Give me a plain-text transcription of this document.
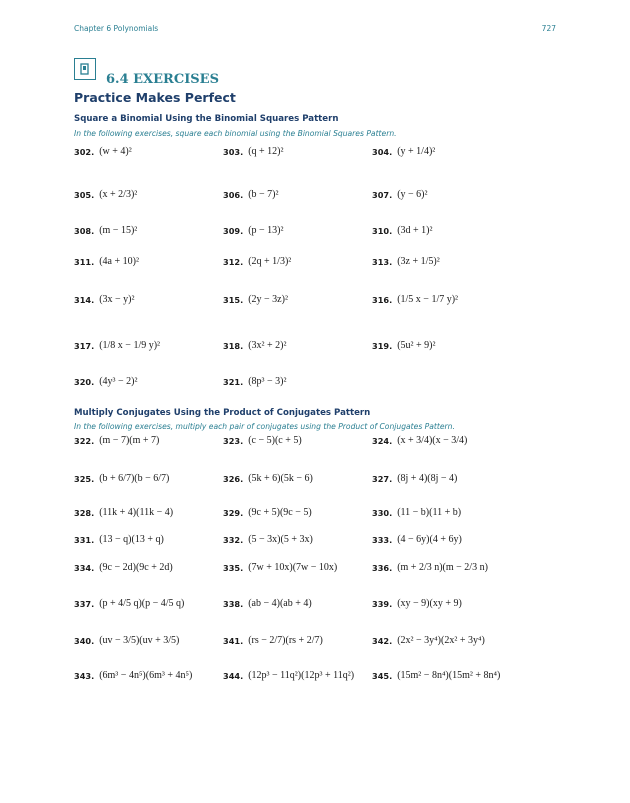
Chapter 6 Polynomials	727
6.4 EXERCISES
Practice Makes Perfect
Square a Binomial Using the Binomial Squares Pattern
In the following exercises, square each binomial using the Binomial Squares Pattern.
302. (w + 4)²	303. (q + 12)²	304. (y + 1/4)²
305. (x + 2/3)²	306. (b − 7)²	307. (y − 6)²
308. (m − 15)²	309. (p − 13)²	310. (3d + 1)²
311. (4a + 10)²	312. (2q + 1/3)²	313. (3z + 1/5)²
314. (3x − y)²	315. (2y − 3z)²	316. (1/5 x − 1/7 y)²
317. (1/8 x − 1/9 y)²	318. (3x² + 2)²	319. (5u² + 9)²
320. (4y³ − 2)²	321. (8p³ − 3)²
Multiply Conjugates Using the Product of Conjugates Pattern
In the following exercises, multiply each pair of conjugates using the Product of Conjugates Pattern.
322. (m − 7)(m + 7)	323. (c − 5)(c + 5)	324. (x + 3/4)(x − 3/4)
325. (b + 6/7)(b − 6/7)	326. (5k + 6)(5k − 6)	327. (8j + 4)(8j − 4)
328. (11k + 4)(11k − 4)	329. (9c + 5)(9c − 5)	330. (11 − b)(11 + b)
331. (13 − q)(13 + q)	332. (5 − 3x)(5 + 3x)	333. (4 − 6y)(4 + 6y)
334. (9c − 2d)(9c + 2d)	335. (7w + 10x)(7w − 10x)	336. (m + 2/3 n)(m − 2/3 n)
337. (p + 4/5 q)(p − 4/5 q)	338. (ab − 4)(ab + 4)	339. (xy − 9)(xy + 9)
340. (uv − 3/5)(uv + 3/5)	341. (rs − 2/7)(rs + 2/7)	342. (2x² − 3y⁴)(2x² + 3y⁴)
343. (6m³ − 4n⁵)(6m³ + 4n⁵)	344. (12p³ − 11q²)(12p³ + 11q²) 345. (15m² − 8n⁴)(15m² + 8n⁴)
